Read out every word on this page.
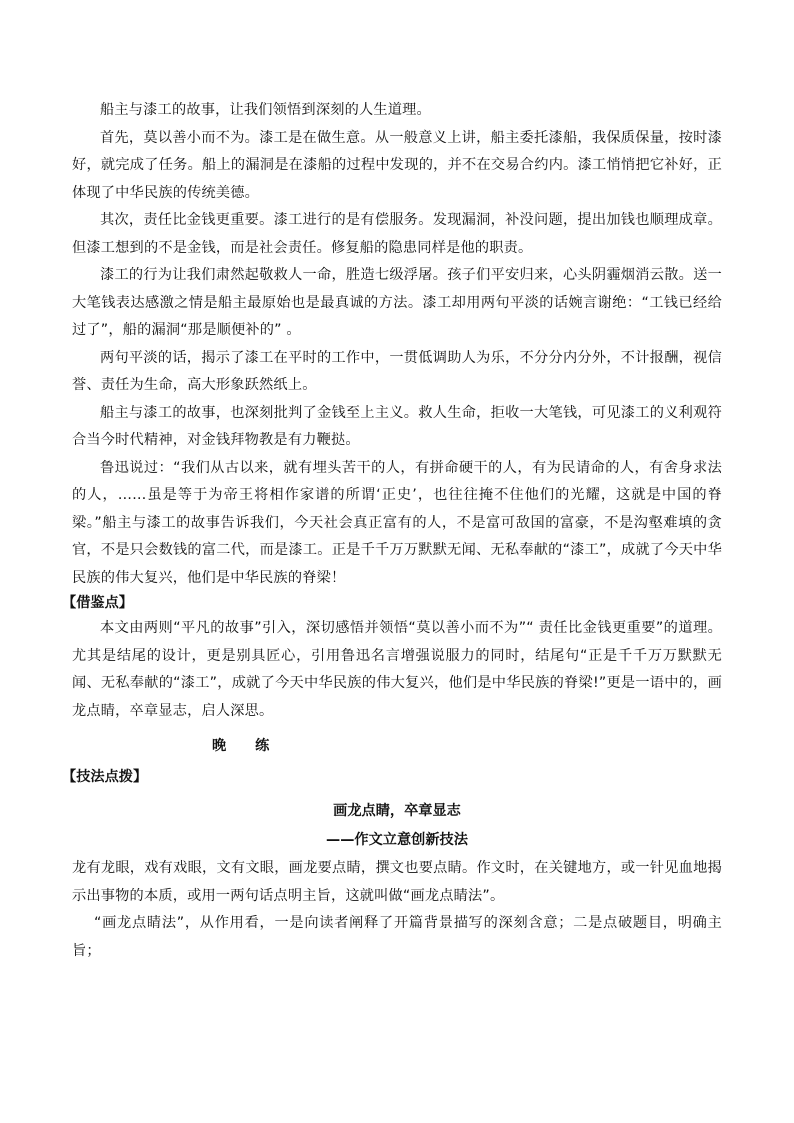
船主与漆工的故事，让我们领悟到深刻的人生道理。

首先，莫以善小而不为。漆工是在做生意。从一般意义上讲，船主委托漆船，我保质保量，按时漆好，就完成了任务。船上的漏洞是在漆船的过程中发现的，并不在交易合约内。漆工悄悄把它补好，正体现了中华民族的传统美德。

其次，责任比金钱更重要。漆工进行的是有偿服务。发现漏洞，补没问题，提出加钱也顺理成章。但漆工想到的不是金钱，而是社会责任。修复船的隐患同样是他的职责。

漆工的行为让我们肃然起敬救人一命，胜造七级浮屠。孩子们平安归来，心头阴霾烟消云散。送一大笔钱表达感激之情是船主最原始也是最真诚的方法。漆工却用两句平淡的话婉言谢绝：“工钱已经给过了”，船的漏洞“那是顺便补的” 。

两句平淡的话，揭示了漆工在平时的工作中，一贯低调助人为乐，不分分内分外，不计报酬，视信誉、责任为生命，高大形象跃然纸上。

船主与漆工的故事，也深刻批判了金钱至上主义。救人生命，拒收一大笔钱，可见漆工的义利观符合当今时代精神，对金钱拜物教是有力鞭挞。

鲁迅说过：“我们从古以来，就有埋头苦干的人，有拼命硬干的人，有为民请命的人，有舍身求法的人，……虽是等于为帝王将相作家谱的所谓‘正史’，也往往掩不住他们的光耀，这就是中国的脊梁。”船主与漆工的故事告诉我们，今天社会真正富有的人，不是富可敌国的富豪，不是沟壑难填的贪官，不是只会数钱的富二代，而是漆工。正是千千万万默默无闻、无私奉献的“漆工”，成就了今天中华民族的伟大复兴，他们是中华民族的脊梁！

【借鉴点】

本文由两则“平凡的故事”引入，深切感悟并领悟“莫以善小而不为”“ 责任比金钱更重要”的道理。尤其是结尾的设计，更是别具匠心，引用鲁迅名言增强说服力的同时，结尾句“正是千千万万默默无闻、无私奉献的“漆工”，成就了今天中华民族的伟大复兴，他们是中华民族的脊梁!”更是一语中的，画龙点睛，卒章显志，启人深思。

晚 练

【技法点拨】

画龙点睛，卒章显志

——作文立意创新技法

龙有龙眼，戏有戏眼，文有文眼，画龙要点睛，撰文也要点睛。作文时，在关键地方，或一针见血地揭示出事物的本质，或用一两句话点明主旨，这就叫做“画龙点睛法”。

“画龙点睛法”，从作用看，一是向读者阐释了开篇背景描写的深刻含意；二是点破题目，明确主旨；
